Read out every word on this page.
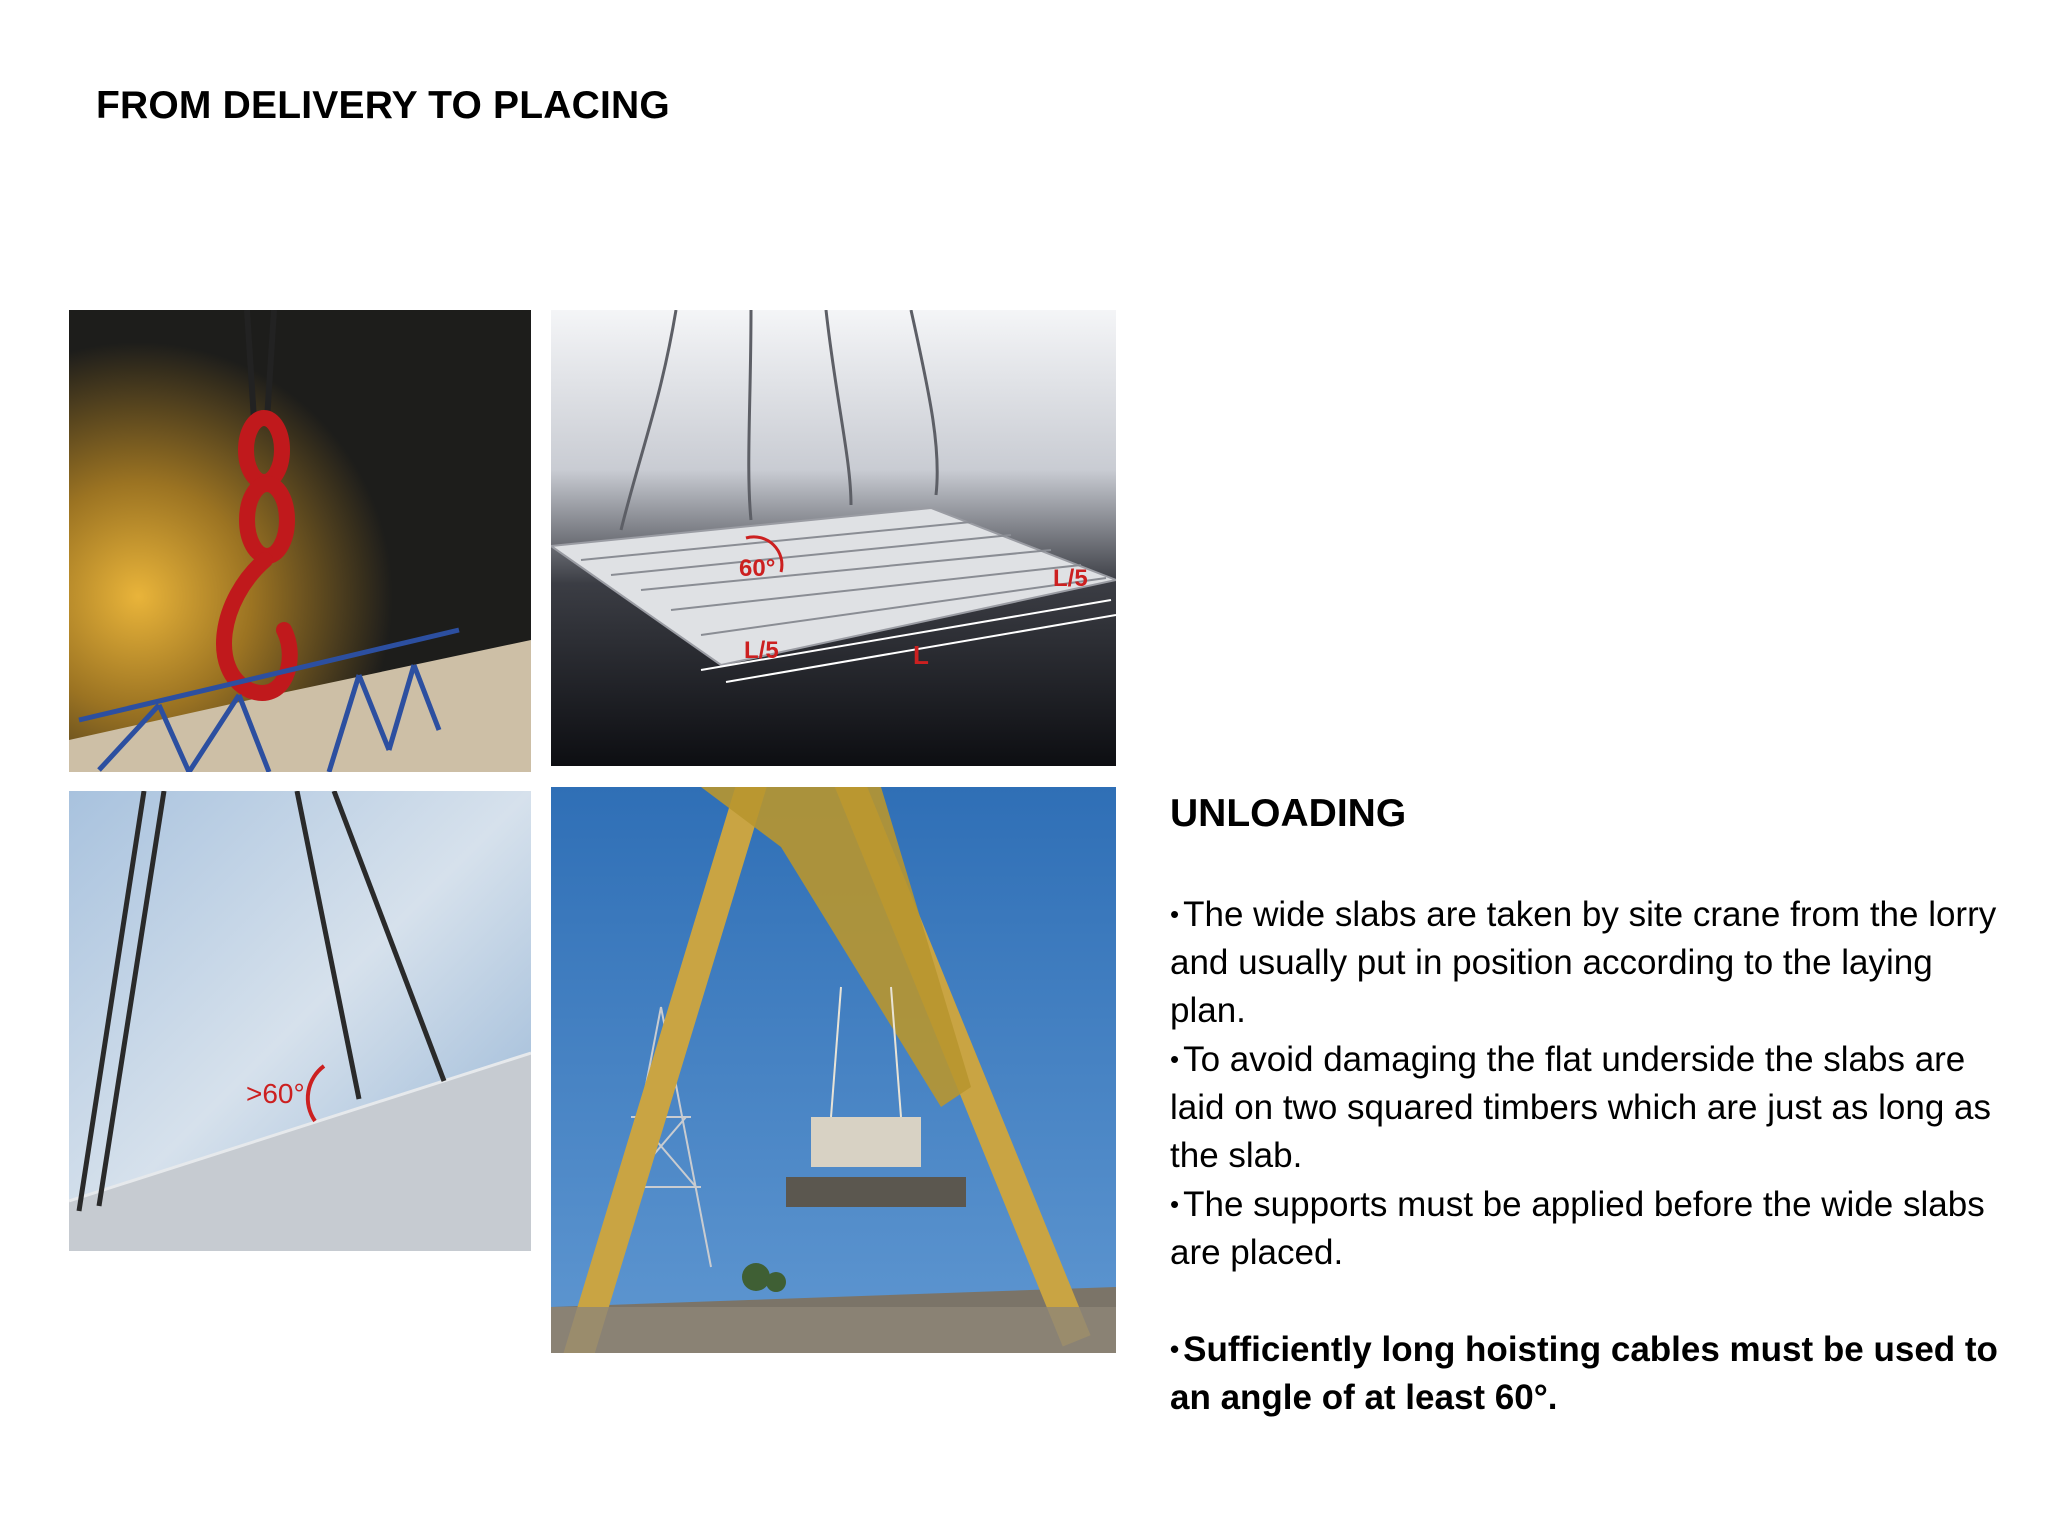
FROM DELIVERY TO PLACING
60°
L/5
L/5
L
>60°
UNLOADING

• The wide slabs are taken by site crane from the lorry and usually put in position according to the laying plan.

• To avoid damaging the flat underside the slabs are laid on two squared timbers which are just as long as the slab.

• The supports must be applied before the wide slabs are placed.

• Sufficiently long hoisting cables must be used to an angle of at least 60°.
